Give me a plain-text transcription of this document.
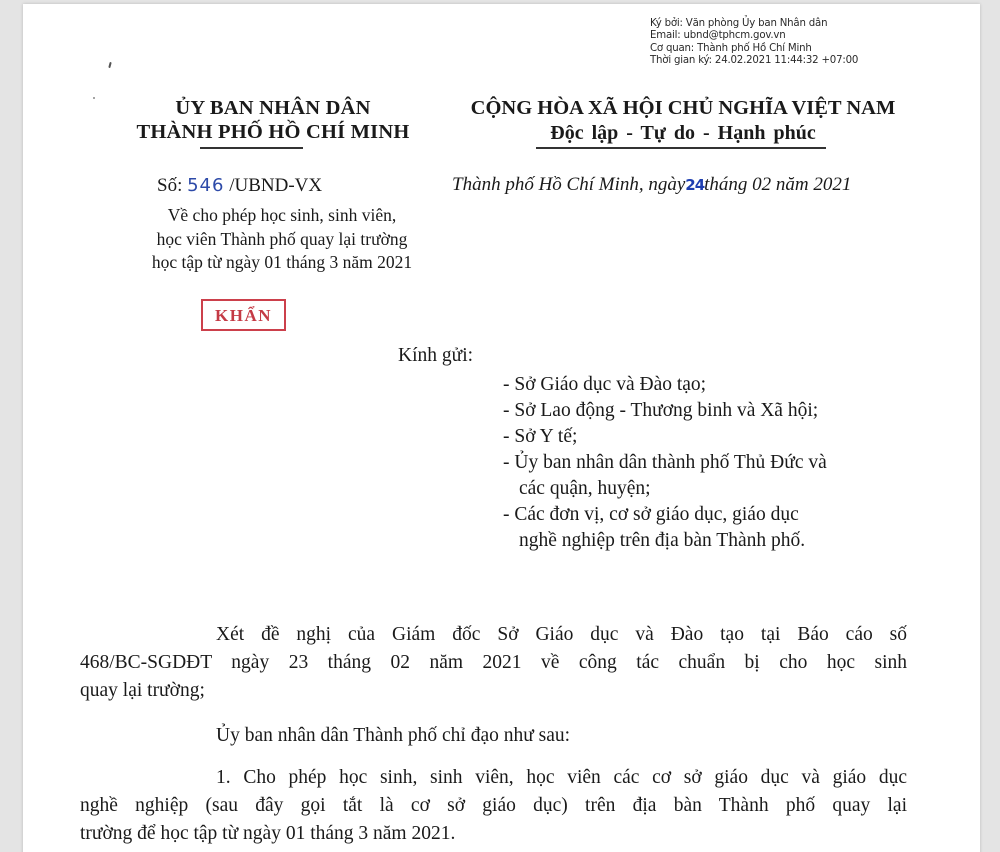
Ký bởi: Văn phòng Ủy ban Nhân dân
Email: ubnd@tphcm.gov.vn
Cơ quan: Thành phố Hồ Chí Minh
Thời gian ký: 24.02.2021 11:44:32 +07:00
ỦY BAN NHÂN DÂN
THÀNH PHỐ HỒ CHÍ MINH
CỘNG HÒA XÃ HỘI CHỦ NGHĨA VIỆT NAM
Độc lập - Tự do - Hạnh phúc
Số: 546 /UBND-VX
Về cho phép học sinh, sinh viên,
học viên Thành phố quay lại trường
học tập từ ngày 01 tháng 3 năm 2021
Thành phố Hồ Chí Minh, ngày24tháng 02 năm 2021
KHẨN
Kính gửi:
- Sở Giáo dục và Đào tạo;
- Sở Lao động - Thương binh và Xã hội;
- Sở Y tế;
- Ủy ban nhân dân thành phố Thủ Đức và
các quận, huyện;
- Các đơn vị, cơ sở giáo dục, giáo dục
nghề nghiệp trên địa bàn Thành phố.
Xét đề nghị của Giám đốc Sở Giáo dục và Đào tạo tại Báo cáo số
468/BC-SGDĐT ngày 23 tháng 02 năm 2021 về công tác chuẩn bị cho học sinh
quay lại trường;
Ủy ban nhân dân Thành phố chỉ đạo như sau:
1. Cho phép học sinh, sinh viên, học viên các cơ sở giáo dục và giáo dục
nghề nghiệp (sau đây gọi tắt là cơ sở giáo dục) trên địa bàn Thành phố quay lại
trường để học tập từ ngày 01 tháng 3 năm 2021.
